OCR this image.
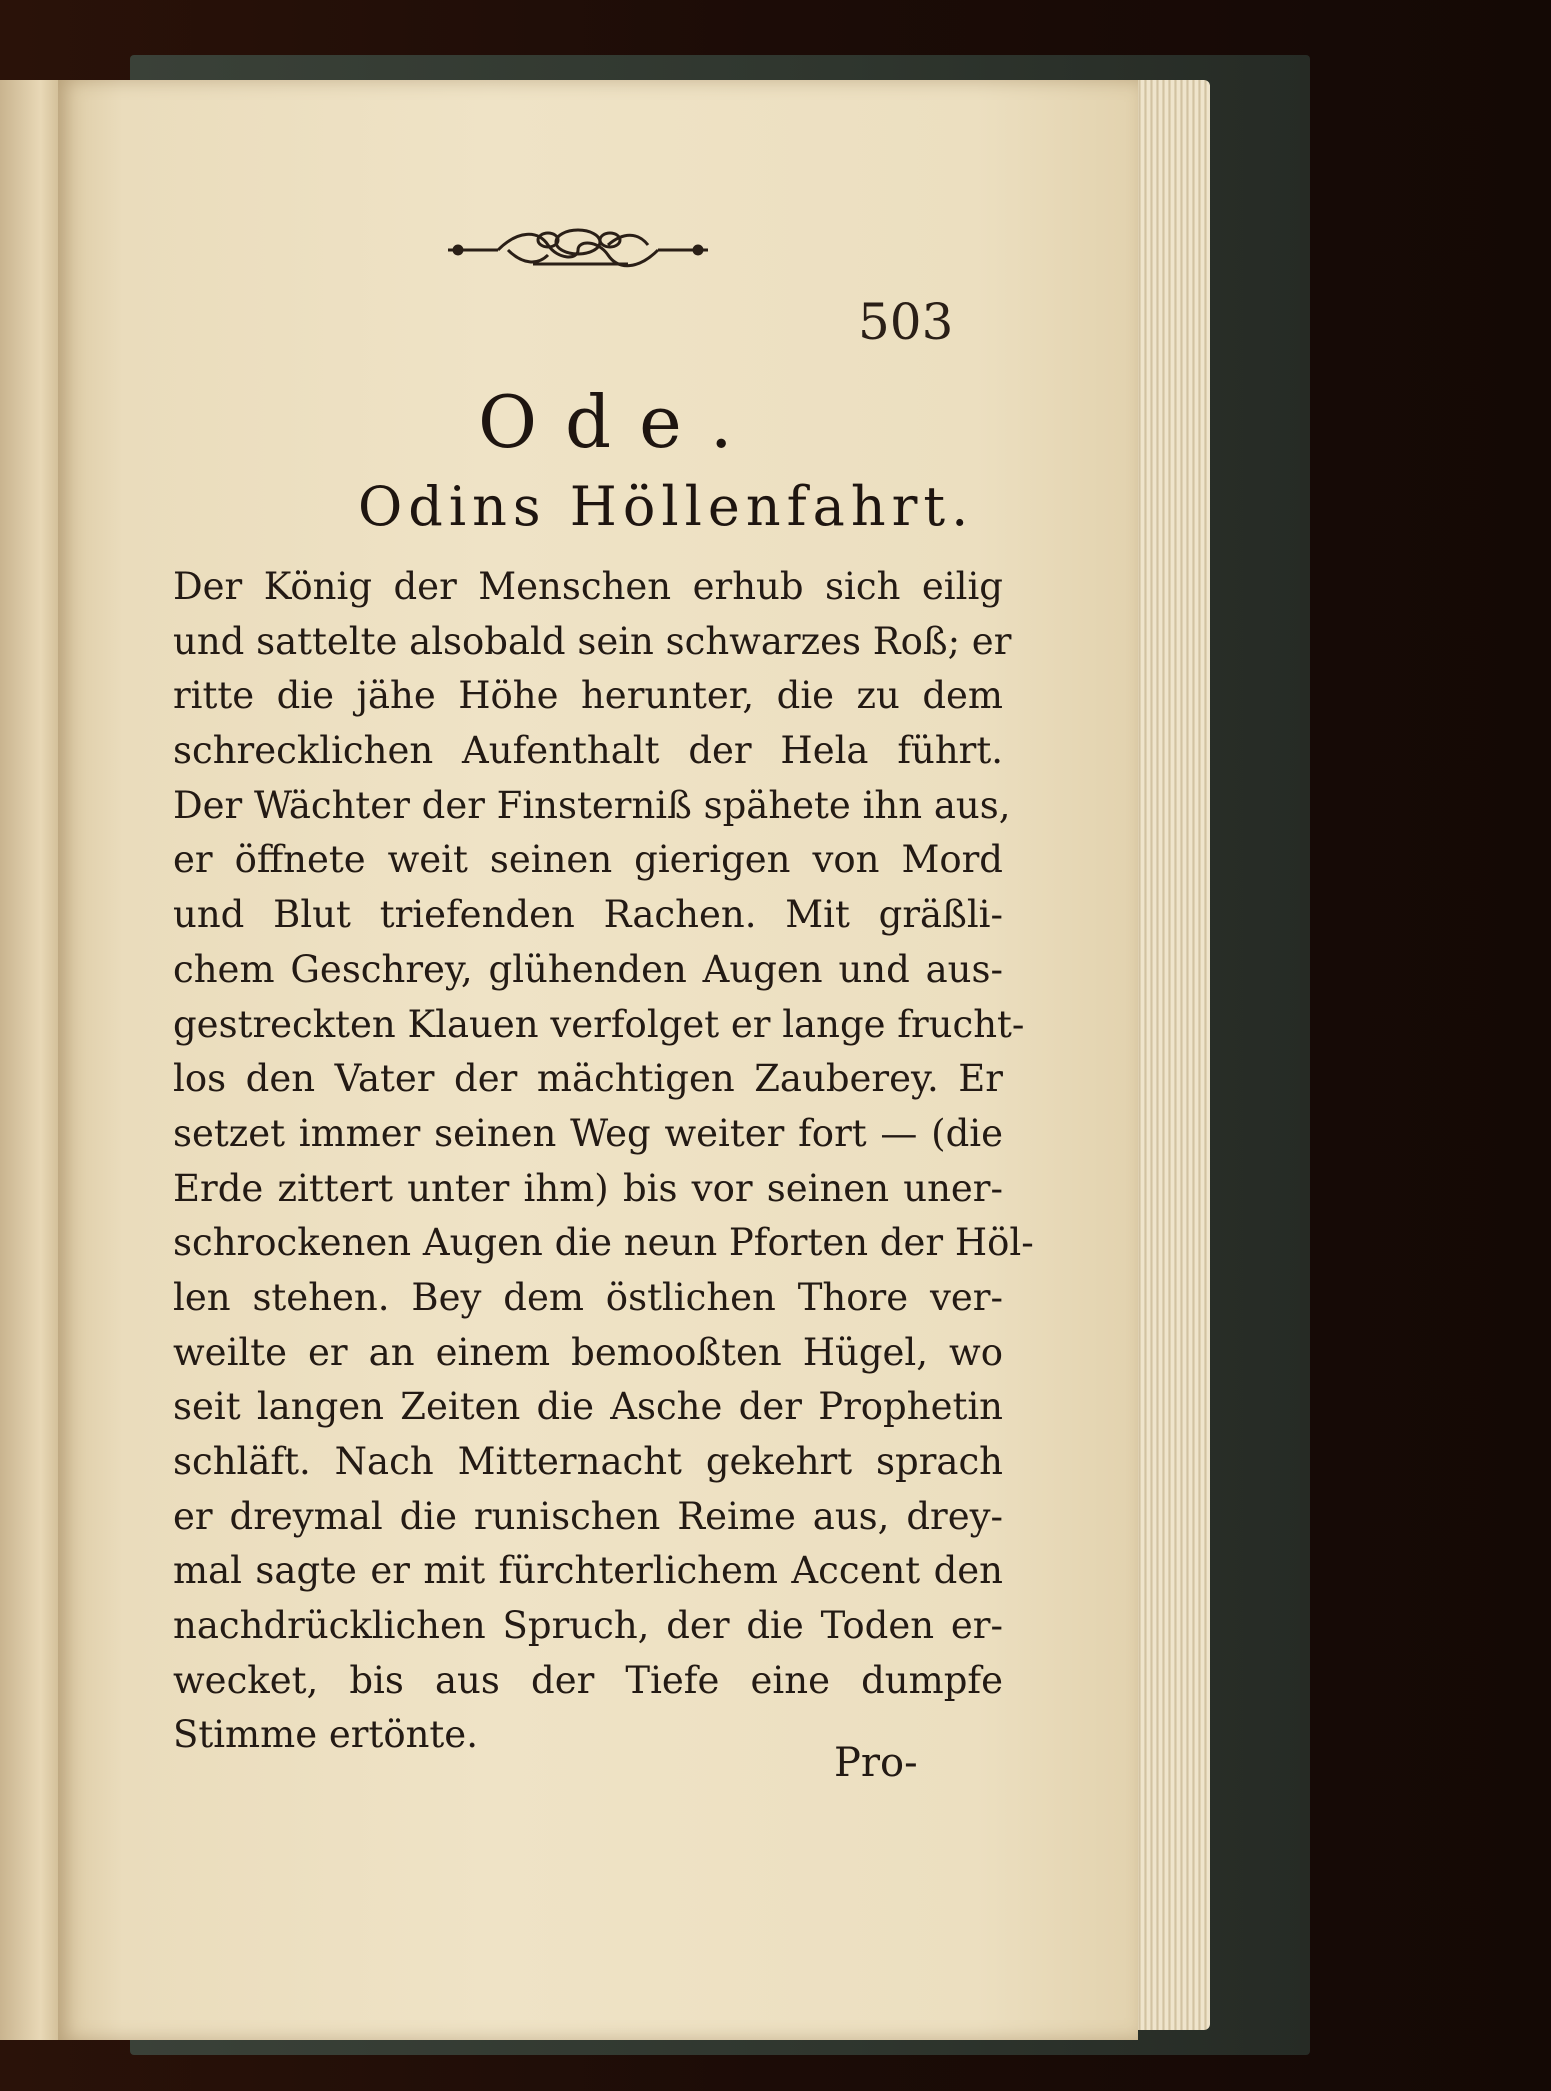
503
Ode.
Odins Höllenfahrt.
Der König der Menschen erhub sich eilig
und sattelte alsobald sein schwarzes Roß; er
ritte die jähe Höhe herunter, die zu dem
schrecklichen Aufenthalt der Hela führt.
Der Wächter der Finsterniß spähete ihn aus,
er öffnete weit seinen gierigen von Mord
und Blut triefenden Rachen. Mit gräßli-
chem Geschrey, glühenden Augen und aus-
gestreckten Klauen verfolget er lange frucht-
los den Vater der mächtigen Zauberey. Er
setzet immer seinen Weg weiter fort — (die
Erde zittert unter ihm) bis vor seinen uner-
schrockenen Augen die neun Pforten der Höl-
len stehen. Bey dem östlichen Thore ver-
weilte er an einem bemooßten Hügel, wo
seit langen Zeiten die Asche der Prophetin
schläft. Nach Mitternacht gekehrt sprach
er dreymal die runischen Reime aus, drey-
mal sagte er mit fürchterlichem Accent den
nachdrücklichen Spruch, der die Toden er-
wecket, bis aus der Tiefe eine dumpfe
Stimme ertönte.
Pro-
